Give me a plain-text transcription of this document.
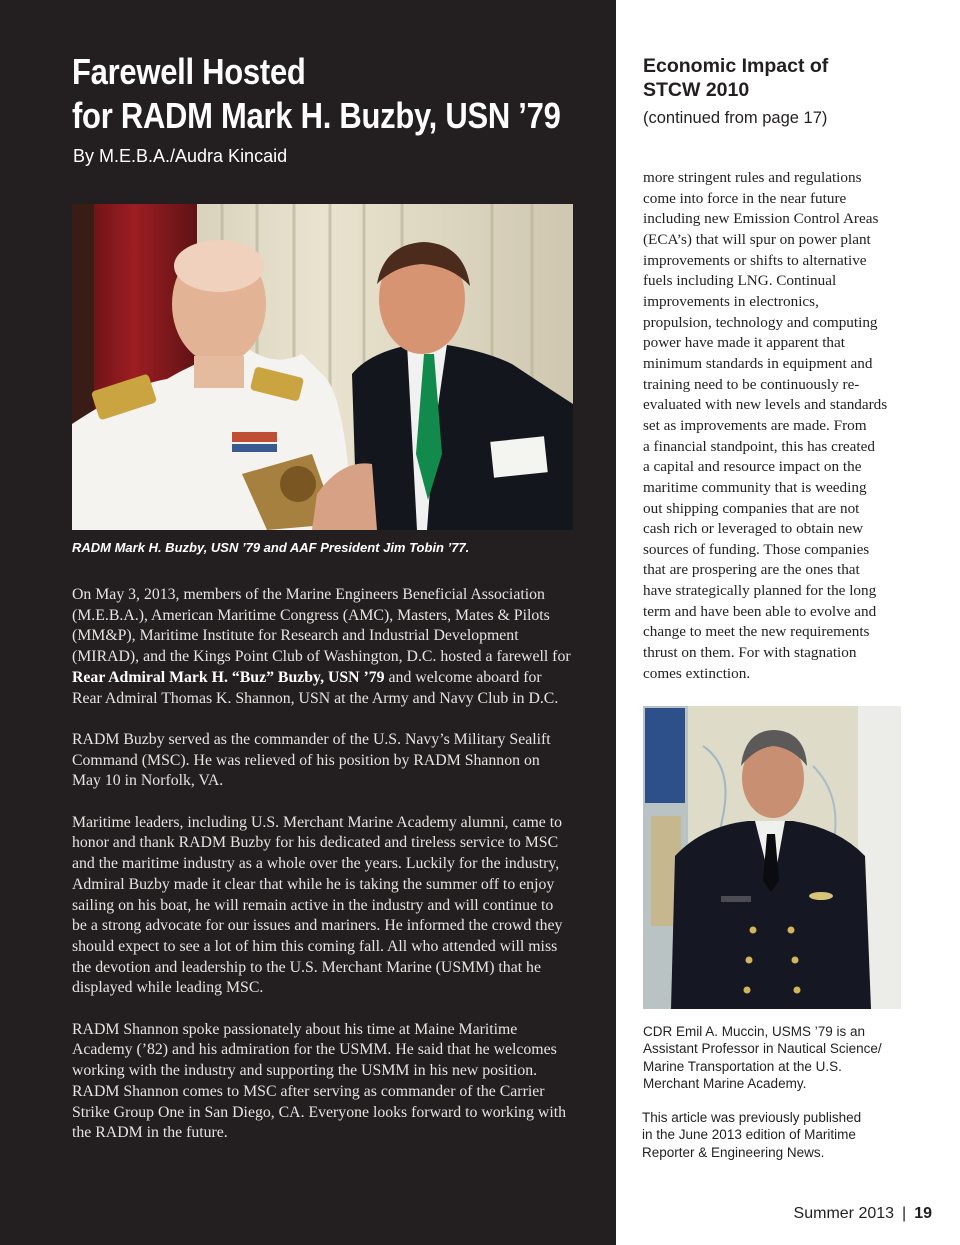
Farewell Hosted
for RADM Mark H. Buzby, USN ’79

By M.E.B.A./Audra Kincaid

RADM Mark H. Buzby, USN ’79 and AAF President Jim Tobin ’77.

On May 3, 2013, members of the Marine Engineers Beneficial Association (M.E.B.A.), American Maritime Congress (AMC), Masters, Mates & Pilots (MM&P), Maritime Institute for Research and Industrial Development (MIRAD), and the Kings Point Club of Washington, D.C. hosted a farewell for Rear Admiral Mark H. “Buz” Buzby, USN ’79 and welcome aboard for Rear Admiral Thomas K. Shannon, USN at the Army and Navy Club in D.C.

RADM Buzby served as the commander of the U.S. Navy’s Military Sealift Command (MSC). He was relieved of his position by RADM Shannon on May 10 in Norfolk, VA.

Maritime leaders, including U.S. Merchant Marine Academy alumni, came to honor and thank RADM Buzby for his dedicated and tireless service to MSC and the maritime industry as a whole over the years. Luckily for the industry, Admiral Buzby made it clear that while he is taking the summer off to enjoy sailing on his boat, he will remain active in the industry and will continue to be a strong advocate for our issues and mariners. He informed the crowd they should expect to see a lot of him this coming fall. All who attended will miss the devotion and leadership to the U.S. Merchant Marine (USMM) that he displayed while leading MSC.

RADM Shannon spoke passionately about his time at Maine Maritime Academy (’82) and his admiration for the USMM. He said that he welcomes working with the industry and supporting the USMM in his new position. RADM Shannon comes to MSC after serving as commander of the Carrier Strike Group One in San Diego, CA. Everyone looks forward to working with the RADM in the future.

Economic Impact of
STCW 2010

(continued from page 17)

more stringent rules and regulations
come into force in the near future
including new Emission Control Areas
(ECA’s) that will spur on power plant
improvements or shifts to alternative
fuels including LNG. Continual
improvements in electronics,
propulsion, technology and computing
power have made it apparent that
minimum standards in equipment and
training need to be continuously re-
evaluated with new levels and standards
set as improvements are made. From
a financial standpoint, this has created
a capital and resource impact on the
maritime community that is weeding
out shipping companies that are not
cash rich or leveraged to obtain new
sources of funding. Those companies
that are prospering are the ones that
have strategically planned for the long
term and have been able to evolve and
change to meet the new requirements
thrust on them. For with stagnation
comes extinction.

CDR Emil A. Muccin, USMS ’79 is an
Assistant Professor in Nautical Science/
Marine Transportation at the U.S.
Merchant Marine Academy.

This article was previously published
in the June 2013 edition of Maritime
Reporter & Engineering News.

Summer 2013 | 19
